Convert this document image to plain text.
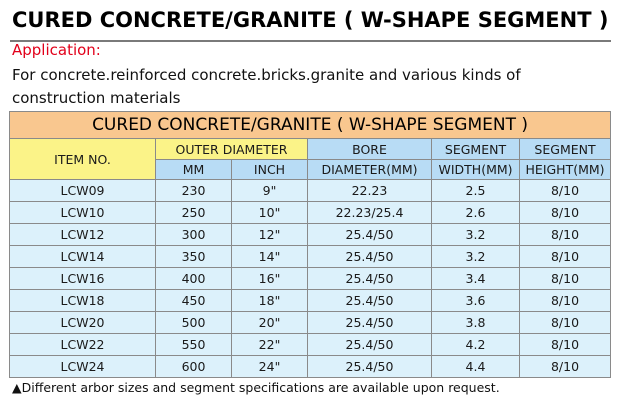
CURED CONCRETE/GRANITE ( W-SHAPE SEGMENT )
Application:
For concrete.reinforced concrete.bricks.granite and various kinds of construction materials
CURED CONCRETE/GRANITE ( W-SHAPE SEGMENT )					
ITEM NO.	OUTER DIAMETER		BORE	SEGMENT	SEGMENT
	MM	INCH	DIAMETER(MM)	WIDTH(MM)	HEIGHT(MM)
LCW09	230	9"	22.23	2.5	8/10
LCW10	250	10"	22.23/25.4	2.6	8/10
LCW12	300	12"	25.4/50	3.2	8/10
LCW14	350	14"	25.4/50	3.2	8/10
LCW16	400	16"	25.4/50	3.4	8/10
LCW18	450	18"	25.4/50	3.6	8/10
LCW20	500	20"	25.4/50	3.8	8/10
LCW22	550	22"	25.4/50	4.2	8/10
LCW24	600	24"	25.4/50	4.4	8/10
▲Different arbor sizes and segment specifications are available upon request.
